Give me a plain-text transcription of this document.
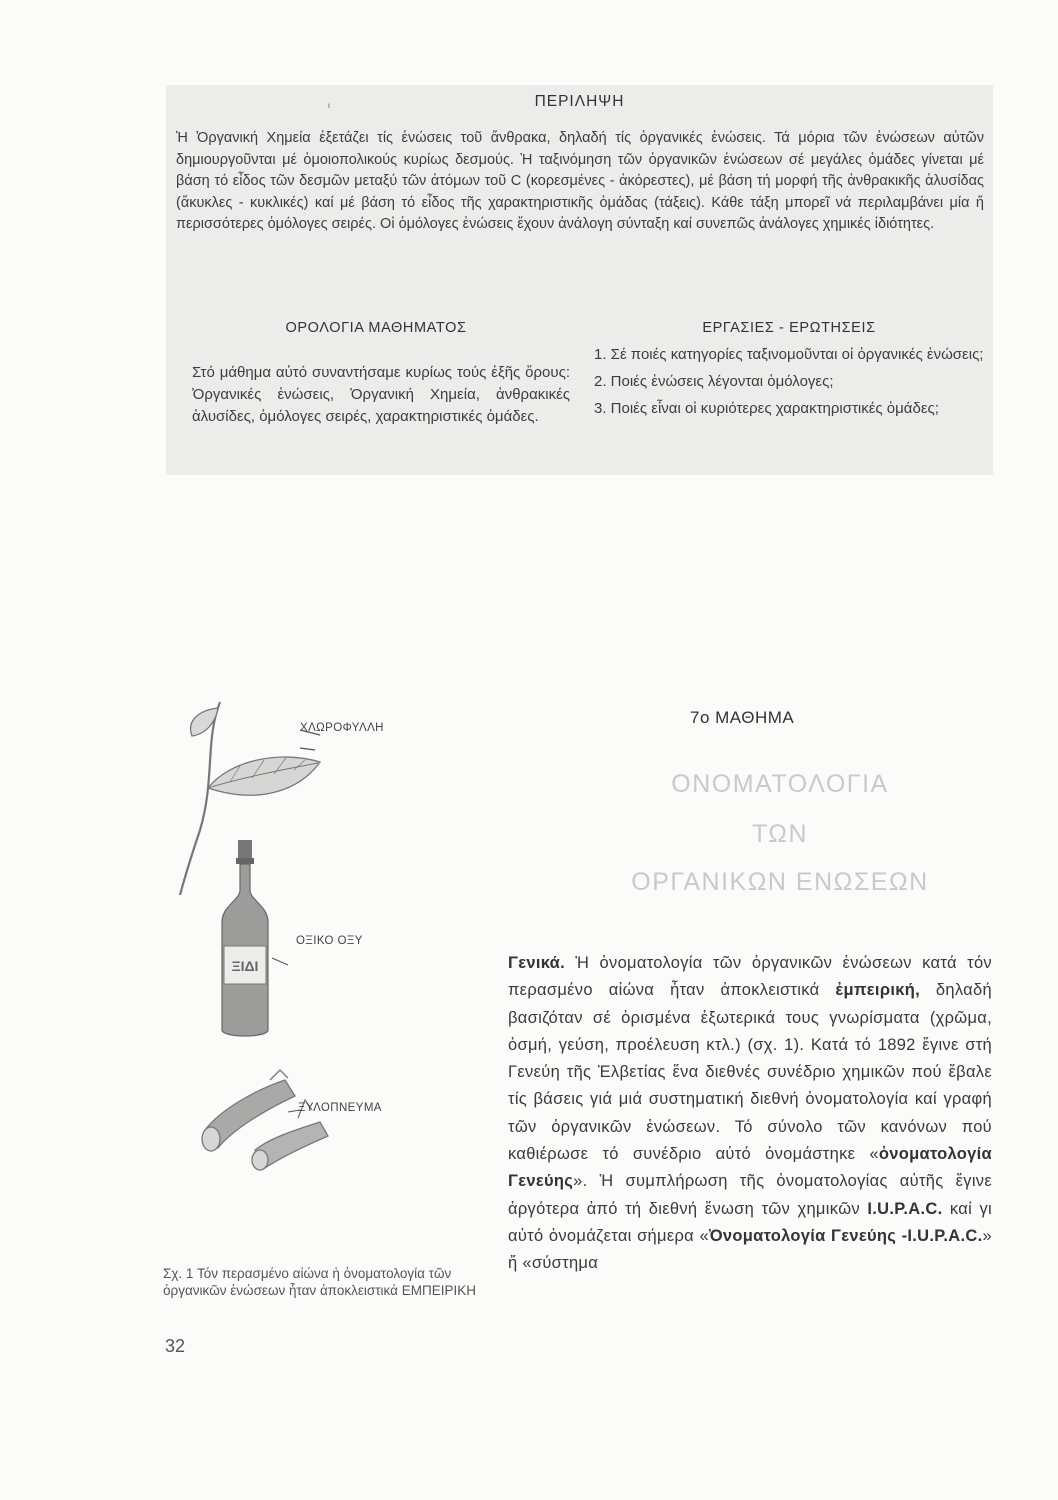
ᶦ	ΠΕΡΙΛΗΨΗ
Ἡ Ὀργανική Χημεία ἐξετάζει τίς ἑνώσεις τοῦ ἄνθρακα, δηλαδή τίς ὀργανικές ἑνώσεις. Τά μόρια τῶν ἑνώσεων αὐτῶν δημιουργοῦνται μέ ὁμοιοπολικούς κυρίως δεσμούς. Ἡ ταξινόμηση τῶν ὀργανικῶν ἑνώσεων σέ μεγάλες ὁμάδες γίνεται μέ βάση τό εἶδος τῶν δεσμῶν μεταξύ τῶν ἀτόμων τοῦ C (κορεσμένες - ἀκόρεστες), μέ βάση τή μορφή τῆς ἀνθρακικῆς ἁλυσίδας (ἄκυκλες - κυκλικές) καί μέ βάση τό εἶδος τῆς χαρακτηριστικῆς ὁμάδας (τάξεις). Κάθε τάξη μπορεῖ νά περιλαμβάνει μία ἤ περισσότερες ὁμόλογες σειρές. Οἱ ὁμόλογες ἑνώσεις ἔχουν ἀνάλογη σύνταξη καί συνεπῶς ἀνάλογες χημικές ἰδιότητες.
ΟΡΟΛΟΓΙΑ ΜΑΘΗΜΑΤΟΣ
Στό μάθημα αὐτό συναντήσαμε κυρίως τούς ἑξῆς ὅρους: Ὀργανικές ἑνώσεις, Ὀργανική Χημεία, ἀνθρακικές ἁλυσίδες, ὁμόλογες σειρές, χαρακτηριστικές ὁμάδες.
ΕΡΓΑΣΙΕΣ - ΕΡΩΤΗΣΕΙΣ
1. Σέ ποιές κατηγορίες ταξινομοῦνται οἱ ὀργανικές ἑνώσεις;
2. Ποιές ἑνώσεις λέγονται ὁμόλογες;
3. Ποιές εἶναι οἱ κυριότερες χαρακτηριστικές ὁμάδες;
ΞΙΔΙ
ΧΛΩΡΟΦΥΛΛΗ
ΟΞΙΚΟ ΟΞΥ
ΞΥΛΟΠΝΕΥΜΑ
Σχ. 1 Τόν περασμένο αἰώνα ἡ ὀνοματολογία τῶν ὀργανικῶν ἑνώσεων ἦταν ἀποκλειστικά ΕΜΠΕΙΡΙΚΗ
32
7ο ΜΑΘΗΜΑ
ΟΝΟΜΑΤΟΛΟΓΙΑ
ΤΩΝ
ΟΡΓΑΝΙΚΩΝ ΕΝΩΣΕΩΝ
Γενικά. Ἡ ὀνοματολογία τῶν ὀργανικῶν ἑνώσεων κατά τόν περασμένο αἰώνα ἦταν ἀποκλειστικά ἐμπειρική, δηλαδή βασιζόταν σέ ὁρισμένα ἐξωτερικά τους γνωρίσματα (χρῶμα, ὀσμή, γεύση, προέλευση κτλ.) (σχ. 1). Κατά τό 1892 ἔγινε στή Γενεύη τῆς Ἑλβετίας ἕνα διεθνές συνέδριο χημικῶν πού ἔβαλε τίς βάσεις γιά μιά συστηματική διεθνή ὀνοματολογία καί γραφή τῶν ὀργανικῶν ἑνώσεων. Τό σύνολο τῶν κανόνων πού καθιέρωσε τό συνέδριο αὐτό ὀνομάστηκε «ὀνοματολογία Γενεύης». Ἡ συμπλήρωση τῆς ὀνοματολογίας αὐτῆς ἔγινε ἀργότερα ἀπό τή διεθνή ἕνωση τῶν χημικῶν I.U.P.A.C. καί γι αὐτό ὀνομάζεται σήμερα «Ὀνοματολογία Γενεύης -I.U.P.A.C.» ἤ «σύστημα
